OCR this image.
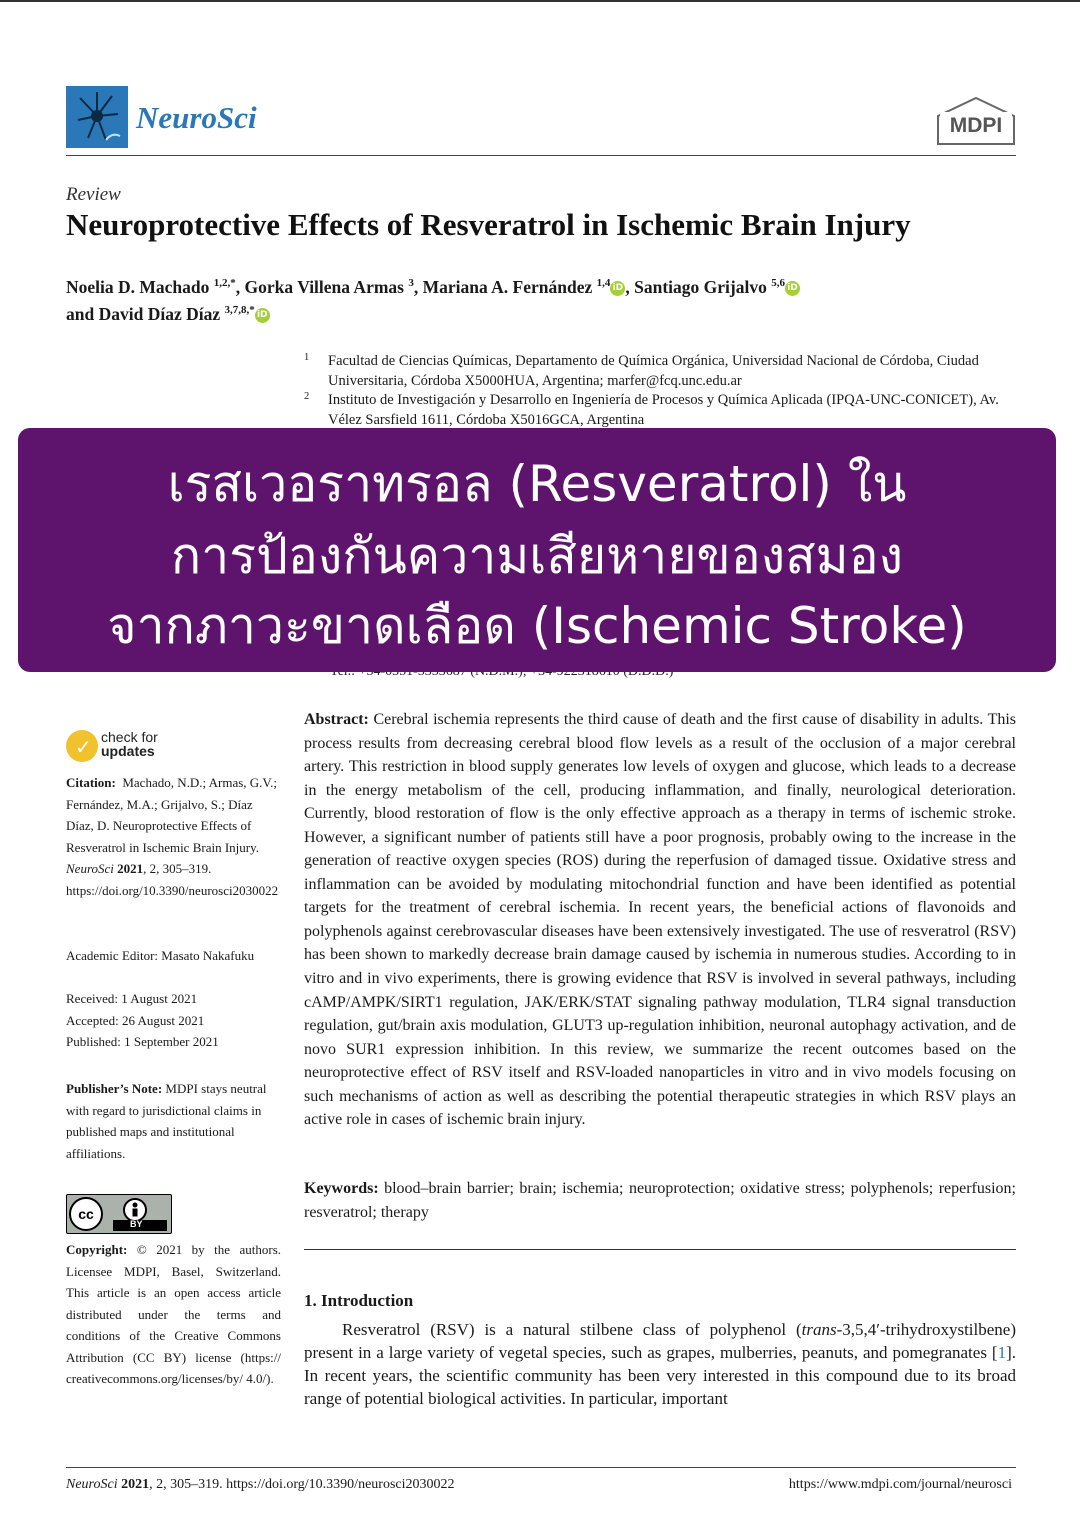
NeuroSci	MDPI
Review
Neuroprotective Effects of Resveratrol in Ischemic Brain Injury
Noelia D. Machado $^{1,2,*}$, Gorka Villena Armas $^3$, Mariana A. Fernández $^{1,4}$ iD , Santiago Grijalvo $^{5,6}$ iD
and David Díaz Díaz $^{3,7,8,*}$ iD
1 Facultad de Ciencias Químicas, Departamento de Química Orgánica, Universidad Nacional de Córdoba, Ciudad Universitaria, Córdoba X5000HUA, Argentina; marfer@fcq.unc.edu.ar
2 Instituto de Investigación y Desarrollo en Ingeniería de Procesos y Química Aplicada (IPQA-UNC-CONICET), Av. Vélez Sarsfield 1611, Córdoba X5016GCA, Argentina
เรสเวอราทรอล (Resveratrol) ใน
การป้องกันความเสียหายของสมอง
จากภาวะขาดเลือด (Ischemic Stroke)
✓ check for
updates
Citation: Machado, N.D.; Armas, G.V.; Fernández, M.A.; Grijalvo, S.; Díaz Díaz, D. Neuroprotective Effects of Resveratrol in Ischemic Brain Injury. NeuroSci 2021, 2, 305–319. https://doi.org/10.3390/neurosci2030022
Academic Editor: Masato Nakafuku
Received: 1 August 2021
Accepted: 26 August 2021
Published: 1 September 2021
Publisher’s Note: MDPI stays neutral with regard to jurisdictional claims in published maps and institutional affiliations.
cc
BY
Copyright: © 2021 by the authors. Licensee MDPI, Basel, Switzerland. This article is an open access article distributed under the terms and conditions of the Creative Commons Attribution (CC BY) license (https:// creativecommons.org/licenses/by/ 4.0/).
Abstract: Cerebral ischemia represents the third cause of death and the first cause of disability in adults. This process results from decreasing cerebral blood flow levels as a result of the occlusion of a major cerebral artery. This restriction in blood supply generates low levels of oxygen and glucose, which leads to a decrease in the energy metabolism of the cell, producing inflammation, and finally, neurological deterioration. Currently, blood restoration of flow is the only effective approach as a therapy in terms of ischemic stroke. However, a significant number of patients still have a poor prognosis, probably owing to the increase in the generation of reactive oxygen species (ROS) during the reperfusion of damaged tissue. Oxidative stress and inflammation can be avoided by modulating mitochondrial function and have been identified as potential targets for the treatment of cerebral ischemia. In recent years, the beneficial actions of flavonoids and polyphenols against cerebrovascular diseases have been extensively investigated. The use of resveratrol (RSV) has been shown to markedly decrease brain damage caused by ischemia in numerous studies. According to in vitro and in vivo experiments, there is growing evidence that RSV is involved in several pathways, including cAMP/AMPK/SIRT1 regulation, JAK/ERK/STAT signaling pathway modulation, TLR4 signal transduction regulation, gut/brain axis modulation, GLUT3 up-regulation inhibition, neuronal autophagy activation, and de novo SUR1 expression inhibition. In this review, we summarize the recent outcomes based on the neuroprotective effect of RSV itself and RSV-loaded nanoparticles in vitro and in vivo models focusing on such mechanisms of action as well as describing the potential therapeutic strategies in which RSV plays an active role in cases of ischemic brain injury.
Keywords: blood–brain barrier; brain; ischemia; neuroprotection; oxidative stress; polyphenols; reperfusion; resveratrol; therapy
1. Introduction
Resveratrol (RSV) is a natural stilbene class of polyphenol (trans-3,5,4′-trihydroxystilbene) present in a large variety of vegetal species, such as grapes, mulberries, peanuts, and pomegranates [1]. In recent years, the scientific community has been very interested in this compound due to its broad range of potential biological activities. In particular, important
NeuroSci 2021, 2, 305–319. https://doi.org/10.3390/neurosci2030022	https://www.mdpi.com/journal/neurosci
